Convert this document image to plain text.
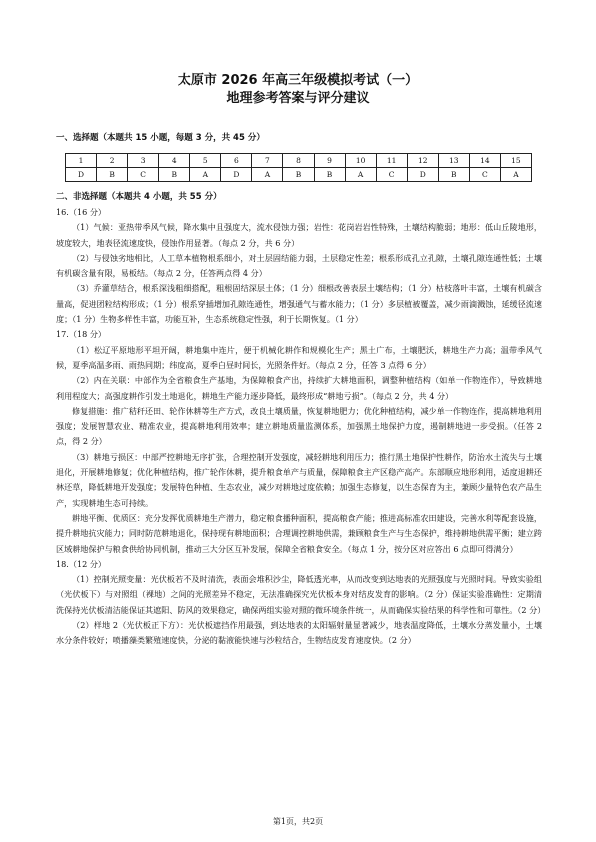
太原市 2026 年高三年级模拟考试（一）
地理参考答案与评分建议
一、选择题（本题共 15 小题，每题 3 分，共 45 分）
1	2	3	4	5	6	7	8	9	10	11	12	13	14	15
D	B	C	B	A	D	A	B	B	A	C	D	B	C	A
二、非选择题（本题共 4 小题，共 55 分）

16.（16 分）

（1）气候：亚热带季风气候，降水集中且强度大，流水侵蚀力强；岩性：花岗岩岩性特殊，土壤结构脆弱；地形：低山丘陵地形，坡度较大，地表径流速度快，侵蚀作用显著。（每点 2 分，共 6 分）

（2）与侵蚀劣地相比，人工草本植物根系细小，对土层固结能力弱，土层稳定性差；根系形成孔立孔隙，土壤孔隙连通性低；土壤有机碳含量有限，易板结。（每点 2 分，任答两点得 4 分）

（3）乔灌草结合，根系深浅粗细搭配，粗根固结深层土体；（1 分）细根改善表层土壤结构；（1 分）枯枝落叶丰富，土壤有机碳含量高，促进团粒结构形成；（1 分）根系穿插增加孔隙连通性，增强通气与蓄水能力；（1 分）多层植被覆盖，减少雨滴溅蚀，延缓径流速度；（1 分）生物多样性丰富，功能互补，生态系统稳定性强，利于长期恢复。（1 分）

17.（18 分）

（1）松辽平原地形平坦开阔，耕地集中连片，便于机械化耕作和规模化生产；黑土广布，土壤肥沃，耕地生产力高；温带季风气候，夏季高温多雨、雨热同期；纬度高，夏季白昼时间长，光照条件好。（每点 2 分，任答 3 点得 6 分）

（2）内在关联：中部作为全省粮食生产基地，为保障粮食产出，持续扩大耕地面积，调整种植结构（如单一作物连作），导致耕地利用程度大；高强度耕作引发土地退化，耕地生产能力逐步降低，最终形成“耕地亏损”。（每点 2 分，共 4 分）

修复措施：推广秸秆还田、轮作休耕等生产方式，改良土壤质量，恢复耕地肥力；优化种植结构，减少单一作物连作，提高耕地利用强度；发展智慧农业、精准农业，提高耕地利用效率；建立耕地质量监测体系，加强黑土地保护力度，遏制耕地进一步受损。（任答 2 点，得 2 分）

（3）耕地亏损区：中部严控耕地无序扩张，合理控制开发强度，减轻耕地利用压力；推行黑土地保护性耕作，防治水土流失与土壤退化，开展耕地修复；优化种植结构，推广轮作休耕，提升粮食单产与质量，保障粮食主产区稳产高产。东部顺应地形利用，适度退耕还林还草，降低耕地开发强度；发展特色种植、生态农业，减少对耕地过度依赖；加强生态修复，以生态保育为主，兼顾少量特色农产品生产，实现耕地生态可持续。

耕地平衡、优质区：充分发挥优质耕地生产潜力，稳定粮食播种面积，提高粮食产能；推进高标准农田建设，完善水利等配套设施，提升耕地抗灾能力；同时防范耕地退化，保持现有耕地面积；合理调控耕地供需，兼顾粮食生产与生态保护，维持耕地供需平衡；建立跨区域耕地保护与粮食供给协同机制，推动三大分区互补发展，保障全省粮食安全。（每点 1 分，按分区对应答出 6 点即可得满分）

18.（12 分）

（1）控制光照变量：光伏板若不及时清洗，表面会堆积沙尘，降低透光率，从而改变到达地表的光照强度与光照时间。导致实验组（光伏板下）与对照组（裸地）之间的光照差异不稳定，无法准确探究光伏板本身对结皮发育的影响。（2 分）保证实验准确性：定期清洗保持光伏板清洁能保证其遮阳、防风的效果稳定，确保两组实验对照的微环境条件统一，从而确保实验结果的科学性和可靠性。（2 分）

（2）样地 2（光伏板正下方）：光伏板遮挡作用最强，到达地表的太阳辐射量显著减少，地表温度降低，土壤水分蒸发量小，土壤水分条件较好；喷播藻类繁殖速度快，分泌的黏液能快速与沙粒结合，生物结皮发育速度快。（2 分）

第1页，共2页
